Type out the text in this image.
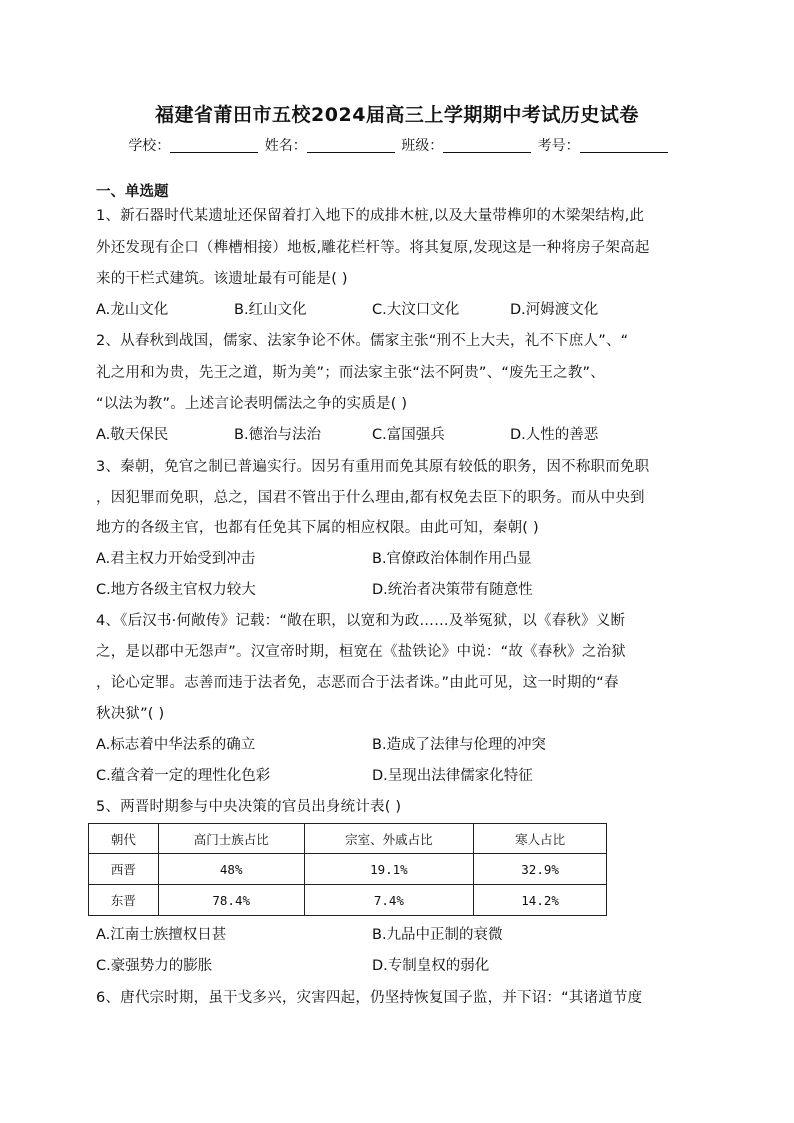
福建省莆田市五校2024届高三上学期期中考试历史试卷
学校：	姓名：	班级：	考号：
一、单选题
1、新石器时代某遗址还保留着打入地下的成排木桩,以及大量带榫卯的木梁架结构,此
外还发现有企口（榫槽相接）地板,雕花栏杆等。将其复原,发现这是一种将房子架高起
来的干栏式建筑。该遗址最有可能是( )
A.龙山文化	B.红山文化	C.大汶口文化	D.河姆渡文化
2、从春秋到战国，儒家、法家争论不休。儒家主张“刑不上大夫，礼不下庶人”、“
礼之用和为贵，先王之道，斯为美”；而法家主张“法不阿贵”、“废先王之教”、
“以法为教”。上述言论表明儒法之争的实质是( )
A.敬天保民	B.德治与法治	C.富国强兵	D.人性的善恶
3、秦朝，免官之制已普遍实行。因另有重用而免其原有较低的职务，因不称职而免职
，因犯罪而免职，总之，国君不管出于什么理由,都有权免去臣下的职务。而从中央到
地方的各级主官，也都有任免其下属的相应权限。由此可知，秦朝( )
A.君主权力开始受到冲击	B.官僚政治体制作用凸显
C.地方各级主官权力较大	D.统治者决策带有随意性
4、《后汉书·何敞传》记载：“敞在职，以宽和为政……及举冤狱，以《春秋》义断
之，是以郡中无怨声”。汉宣帝时期，桓宽在《盐铁论》中说：“故《春秋》之治狱
，论心定罪。志善而违于法者免，志恶而合于法者诛。”由此可见，这一时期的“春
秋决狱”( )
A.标志着中华法系的确立	B.造成了法律与伦理的冲突
C.蕴含着一定的理性化色彩	D.呈现出法律儒家化特征
5、两晋时期参与中央决策的官员出身统计表( )
朝代	高门士族占比	宗室、外戚占比	寒人占比
西晋	48%	19.1%	32.9%
东晋	78.4%	7.4%	14.2%
A.江南士族擅权日甚	B.九品中正制的衰微
C.豪强势力的膨胀	D.专制皇权的弱化
6、唐代宗时期，虽干戈多兴，灾害四起，仍坚持恢复国子监，并下诏：“其诸道节度
